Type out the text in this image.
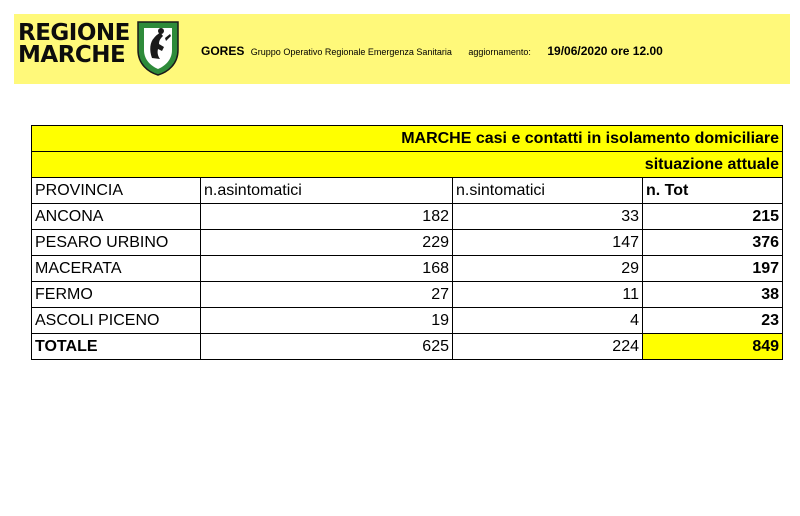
REGIONE
MARCHE	GORES Gruppo Operativo Regionale Emergenza Sanitaria aggiornamento: 19/06/2020 ore 12.00
MARCHE casi e contatti in isolamento domiciliare			
situazione attuale			
PROVINCIA	n.asintomatici	n.sintomatici	n. Tot
ANCONA	182	33	215
PESARO URBINO	229	147	376
MACERATA	168	29	197
FERMO	27	11	38
ASCOLI PICENO	19	4	23
TOTALE	625	224	849
